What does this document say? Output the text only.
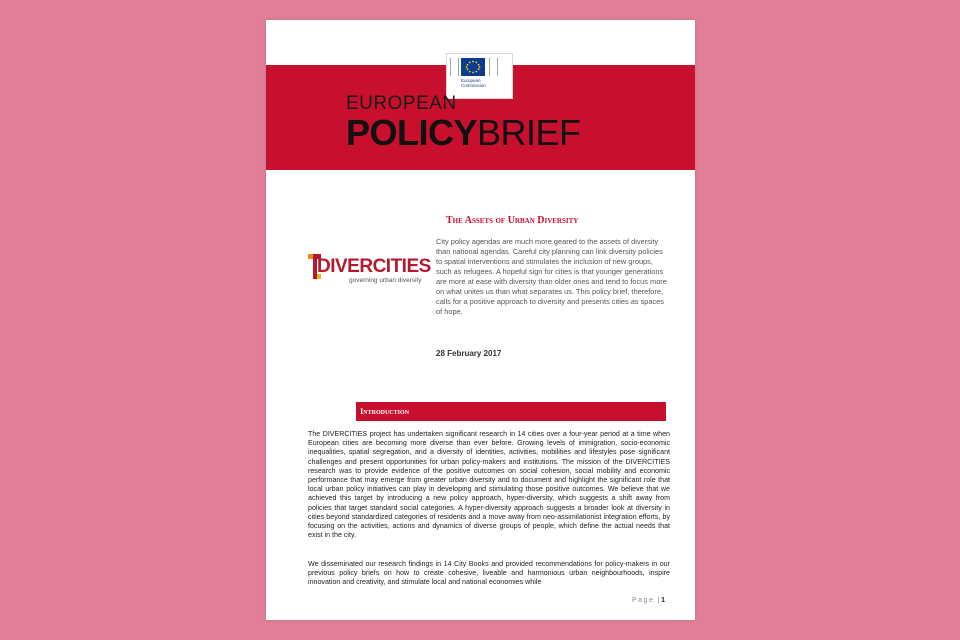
European
Commission
EUROPEAN
POLICYBRIEF
DIVERCITIES
governing urban diversity
The Assets of Urban Diversity
City policy agendas are much more geared to the assets of diversity than national agendas. Careful city planning can link diversity policies to spatial interventions and stimulates the inclusion of new groups, such as refugees. A hopeful sign for cities is that younger generations are more at ease with diversity than older ones and tend to focus more on what unites us than what separates us. This policy brief, therefore, calls for a positive approach to diversity and presents cities as spaces of hope.
28 February 2017
Introduction

The DIVERCITIES project has undertaken significant research in 14 cities over a four-year period at a time when European cities are becoming more diverse than ever before. Growing levels of immigration, socio-economic inequalities, spatial segregation, and a diversity of identities, activities, mobilities and lifestyles pose significant challenges and present opportunities for urban policy-makers and institutions. The mission of the DIVERCITIES research was to provide evidence of the positive outcomes on social cohesion, social mobility and economic performance that may emerge from greater urban diversity and to document and highlight the significant role that local urban policy initiatives can play in developing and stimulating those positive outcomes. We believe that we achieved this target by introducing a new policy approach, hyper-diversity, which suggests a shift away from policies that target standard social categories. A hyper-diversity approach suggests a broader look at diversity in cities beyond standardized categories of residents and a move away from neo-assimilationist integration efforts, by focusing on the activities, actions and dynamics of diverse groups of people, which define the actual needs that exist in the city.

We disseminated our research findings in 14 City Books and provided recommendations for policy-makers in our previous policy briefs on how to create cohesive, liveable and harmonious urban neighbourhoods, inspire innovation and creativity, and stimulate local and national economies while

Page |1
